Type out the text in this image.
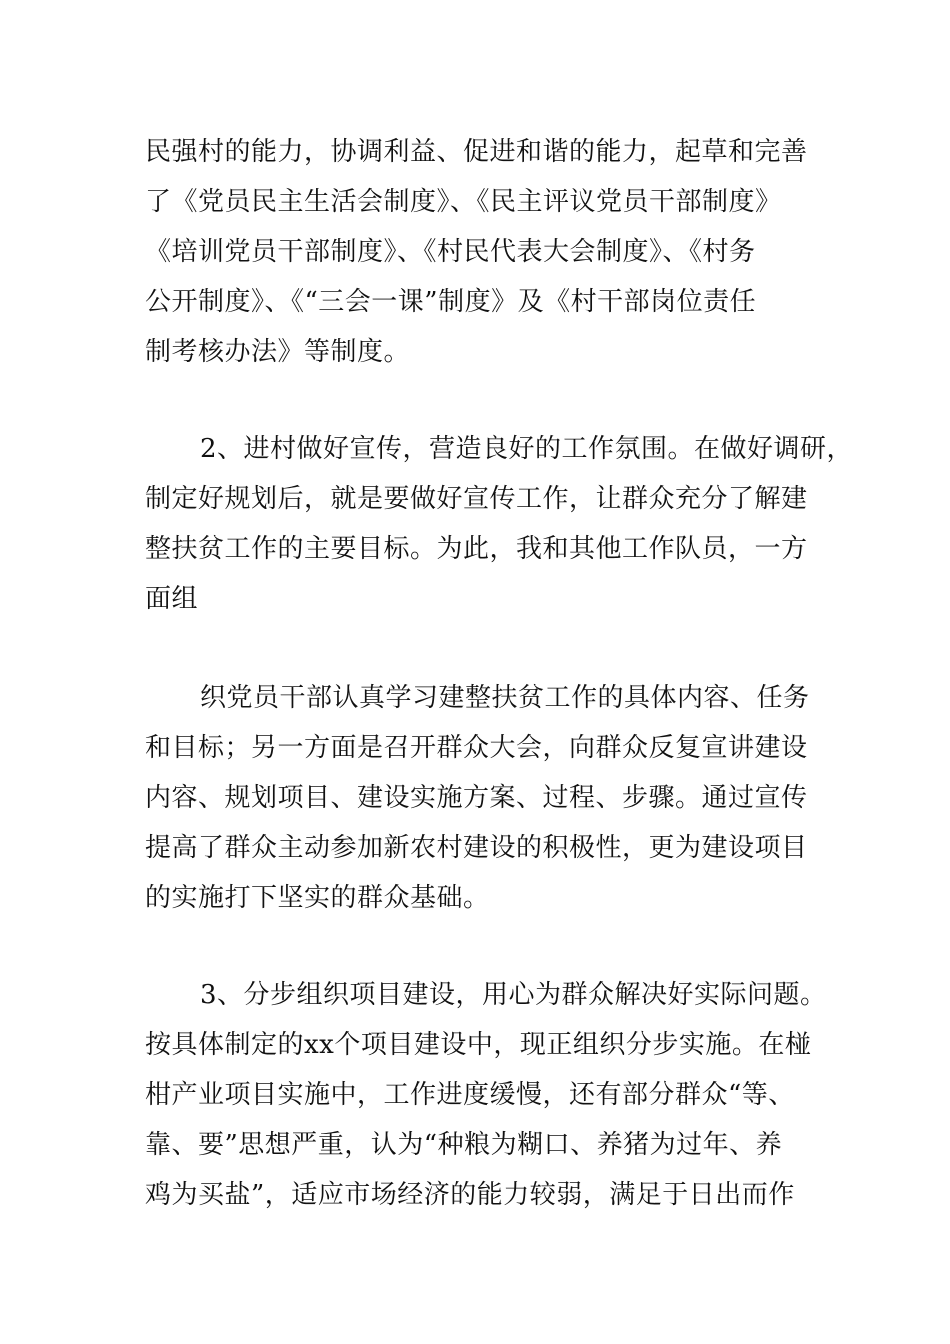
民强村的能力，协调利益、促进和谐的能力，起草和完善
了《党员民主生活会制度》、《民主评议党员干部制度》
《培训党员干部制度》、《村民代表大会制度》、《村务
公开制度》、《“三会一课”制度》及《村干部岗位责任
制考核办法》等制度。
2、进村做好宣传，营造良好的工作氛围。在做好调研，
制定好规划后，就是要做好宣传工作，让群众充分了解建
整扶贫工作的主要目标。为此，我和其他工作队员，一方
面组
织党员干部认真学习建整扶贫工作的具体内容、任务
和目标；另一方面是召开群众大会，向群众反复宣讲建设
内容、规划项目、建设实施方案、过程、步骤。通过宣传
提高了群众主动参加新农村建设的积极性，更为建设项目
的实施打下坚实的群众基础。
3、分步组织项目建设，用心为群众解决好实际问题。
按具体制定的xx个项目建设中，现正组织分步实施。在椪
柑产业项目实施中，工作进度缓慢，还有部分群众“等、
靠、要”思想严重，认为“种粮为糊口、养猪为过年、养
鸡为买盐”，适应市场经济的能力较弱，满足于日出而作
